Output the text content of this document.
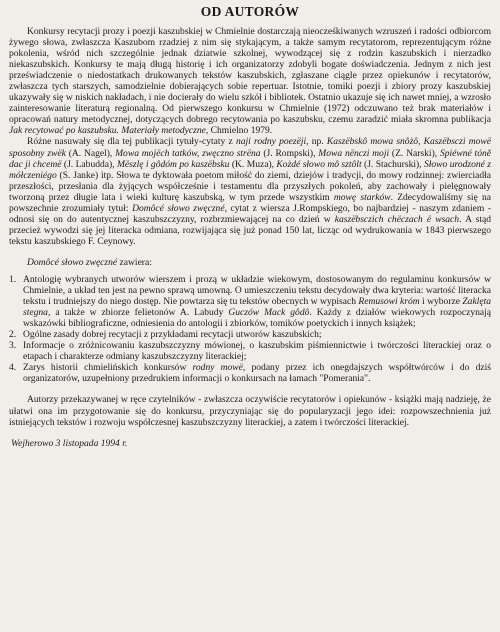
OD AUTORÓW

Konkursy recytacji prozy i poezji kaszubskiej w Chmielnie dostarczają nieocześkiwanych wzruszeń i radości odbiorcom żywego słowa, zwłaszcza Kaszubom rzadziej z nim się stykającym, a także samym recytatorom, reprezentującym różne pokolenia, wśród nich szczególnie jednak dziatwie szkolnej, wywodzącej się z rodzin kaszubskich i nierzadko niekaszubskich. Konkursy te mają długą historię i ich organizatorzy zdobyli bogate doświadczenia. Jednym z nich jest przeświadczenie o niedostatkach drukowanych tekstów kaszubskich, zgłaszane ciągle przez opiekunów i recytatorów, zwłaszcza tych starszych, samodzielnie dobierających sobie repertuar. Istotnie, tomiki poezji i zbiory prozy kaszubskiej ukazywały się w niskich nakładach, i nie docierały do wielu szkół i bibliotek. Ostatnio ukazuje się ich nawet mniej, a wzrosło zainteresowanie literaturą regionalną. Od pierwszego konkursu w Chmielnie (1972) odczuwano też brak materiałów i opracowań natury metodycznej, dotyczących dobrego recytowania po kaszubsku, czemu zaradzić miała skromna publikacja Jak recytować po kaszubsku. Materiały metodyczne, Chmielno 1979.

Różne nasuwały się dla tej publikacji tytuły-cytaty z naji rodny poezëji, np. Kaszëbskô mowa snôżô, Kaszëbsczi mowë sposobny zwëk (A. Nagel), Mowa mojëch tatków, zwęczno strëna (J. Rompski), Mowa nënczi moji (Z. Narski), Spiéwné tóně dac ji chcemë (J. Labudda), Mëszlę i gôdóm po kaszëbsku (K. Muza), Kożdé słowo mô sztôlt (J. Stachurski), Słowo urodzoné z mółczeniégo (S. Janke) itp. Słowa te dyktowała poetom miłość do ziemi, dziejów i tradycji, do mowy rodzinnej: zwierciadła przeszłości, przesłania dla żyjących współcześnie i testamentu dla przyszłych pokoleń, aby zachowały i pielęgnowały tworzoną przez długie lata i wieki kulturę kaszubską, w tym przede wszystkim mowę starków. Zdecydowaliśmy się na powszechnie zrozumiały tytuł: Domôcé słowo zwęczné, cytat z wiersza J.Rompskiego, bo najbardziej - naszym zdaniem - odnosi się on do autentycznej kaszubszczyzny, rozbrzmiewającej na co dzień w kaszëbsczich chëczach ë wsach. A stąd przecież wywodzi się jej literacka odmiana, rozwijająca się już ponad 150 lat, licząc od wydrukowania w 1843 pierwszego tekstu kaszubskiego F. Ceynowy.

Domôcé słowo zwęczné zawiera:

1. Antologię wybranych utworów wierszem i prozą w układzie wiekowym, dostosowanym do regulaminu konkursów w Chmielnie, a układ ten jest na pewno sprawą umowną. O umieszczeniu tekstu decydowały dwa kryteria: wartość literacka tekstu i trudniejszy do niego dostęp. Nie powtarza się tu tekstów obecnych w wypisach Remusowi króm i wyborze Zaklęta stegna, a także w zbiorze felietonów A. Labudy Guczów Mack gôdô. Każdy z działów wiekowych rozpoczynają wskazówki bibliograficzne, odniesienia do antologii i zbiorków, tomików poetyckich i innych książek;
2. Ogólne zasady dobrej recytacji z przykładami recytacji utworów kaszubskich;
3. Informacje o zróżnicowaniu kaszubszczyzny mówionej, o kaszubskim piśmiennictwie i twórczości literackiej oraz o etapach i charakterze odmiany kaszubszczyzny literackiej;
4. Zarys historii chmielińskich konkursów rodny mowë, podany przez ich onegdajszych współtwórców i do dziś organizatorów, uzupełniony przedrukiem informacji o konkursach na łamach "Pomerania".

Autorzy przekazywanej w ręce czytelników - zwłaszcza oczywiście recytatorów i opiekunów - książki mają nadzieję, że ułatwi ona im przygotowanie się do konkursu, przyczyniając się do popularyzacji jego idei: rozpowszechnienia już istniejących tekstów i rozwoju współczesnej kaszubszczyzny literackiej, a zatem i twórczości literackiej.

Wejherowo 3 listopada 1994 r.
